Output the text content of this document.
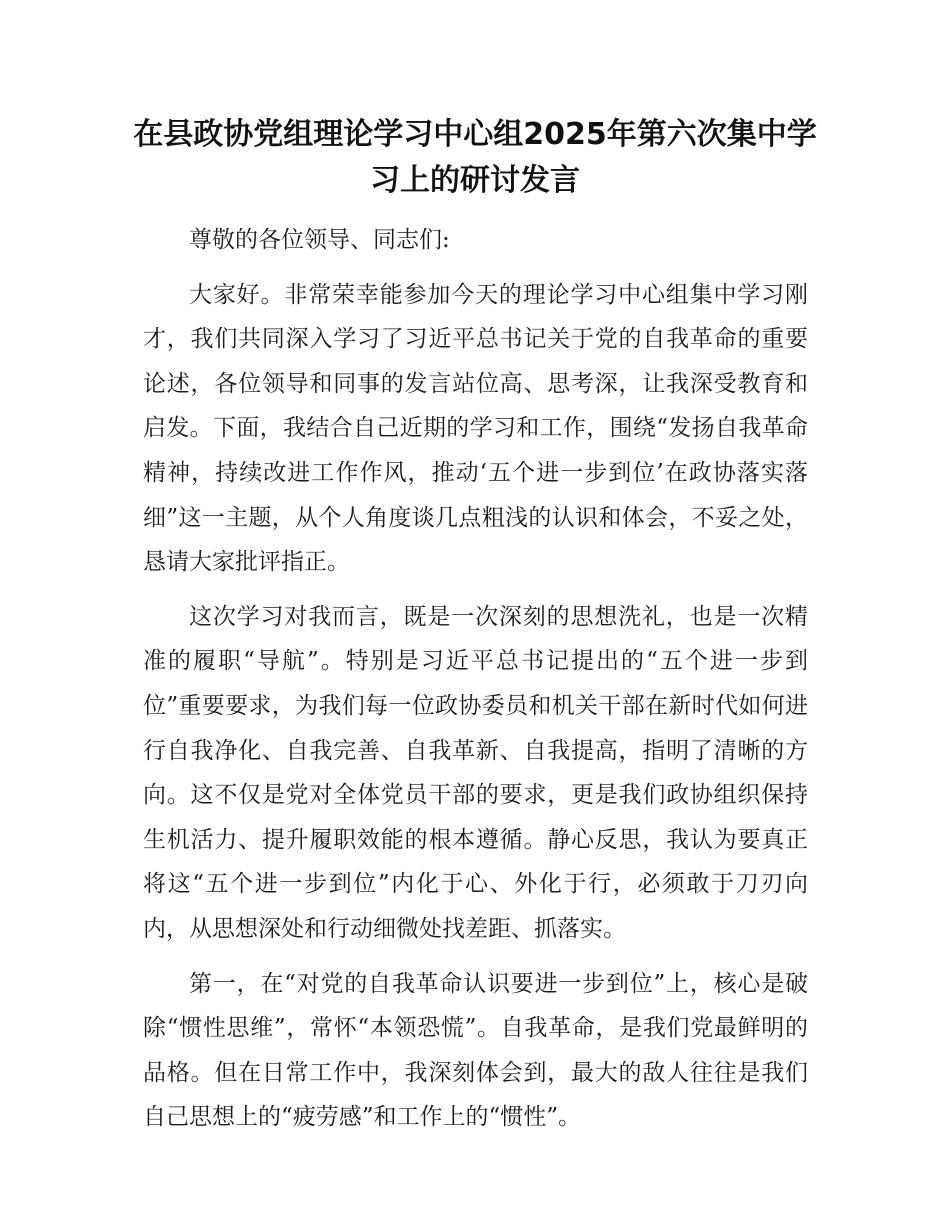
在县政协党组理论学习中心组2025年第六次集中学习上的研讨发言

尊敬的各位领导、同志们:

大家好。非常荣幸能参加今天的理论学习中心组集中学习刚才，我们共同深入学习了习近平总书记关于党的自我革命的重要论述，各位领导和同事的发言站位高、思考深，让我深受教育和启发。下面，我结合自己近期的学习和工作，围绕“发扬自我革命精神，持续改进工作作风，推动‘五个进一步到位’在政协落实落细”这一主题，从个人角度谈几点粗浅的认识和体会，不妥之处，恳请大家批评指正。

这次学习对我而言，既是一次深刻的思想洗礼，也是一次精准的履职“导航”。特别是习近平总书记提出的“五个进一步到位”重要要求，为我们每一位政协委员和机关干部在新时代如何进行自我净化、自我完善、自我革新、自我提高，指明了清晰的方向。这不仅是党对全体党员干部的要求，更是我们政协组织保持生机活力、提升履职效能的根本遵循。静心反思，我认为要真正将这“五个进一步到位”内化于心、外化于行，必须敢于刀刃向内，从思想深处和行动细微处找差距、抓落实。

第一，在“对党的自我革命认识要进一步到位”上，核心是破除“惯性思维”，常怀“本领恐慌”。自我革命，是我们党最鲜明的品格。但在日常工作中，我深刻体会到，最大的敌人往往是我们自己思想上的“疲劳感”和工作上的“惯性”。
